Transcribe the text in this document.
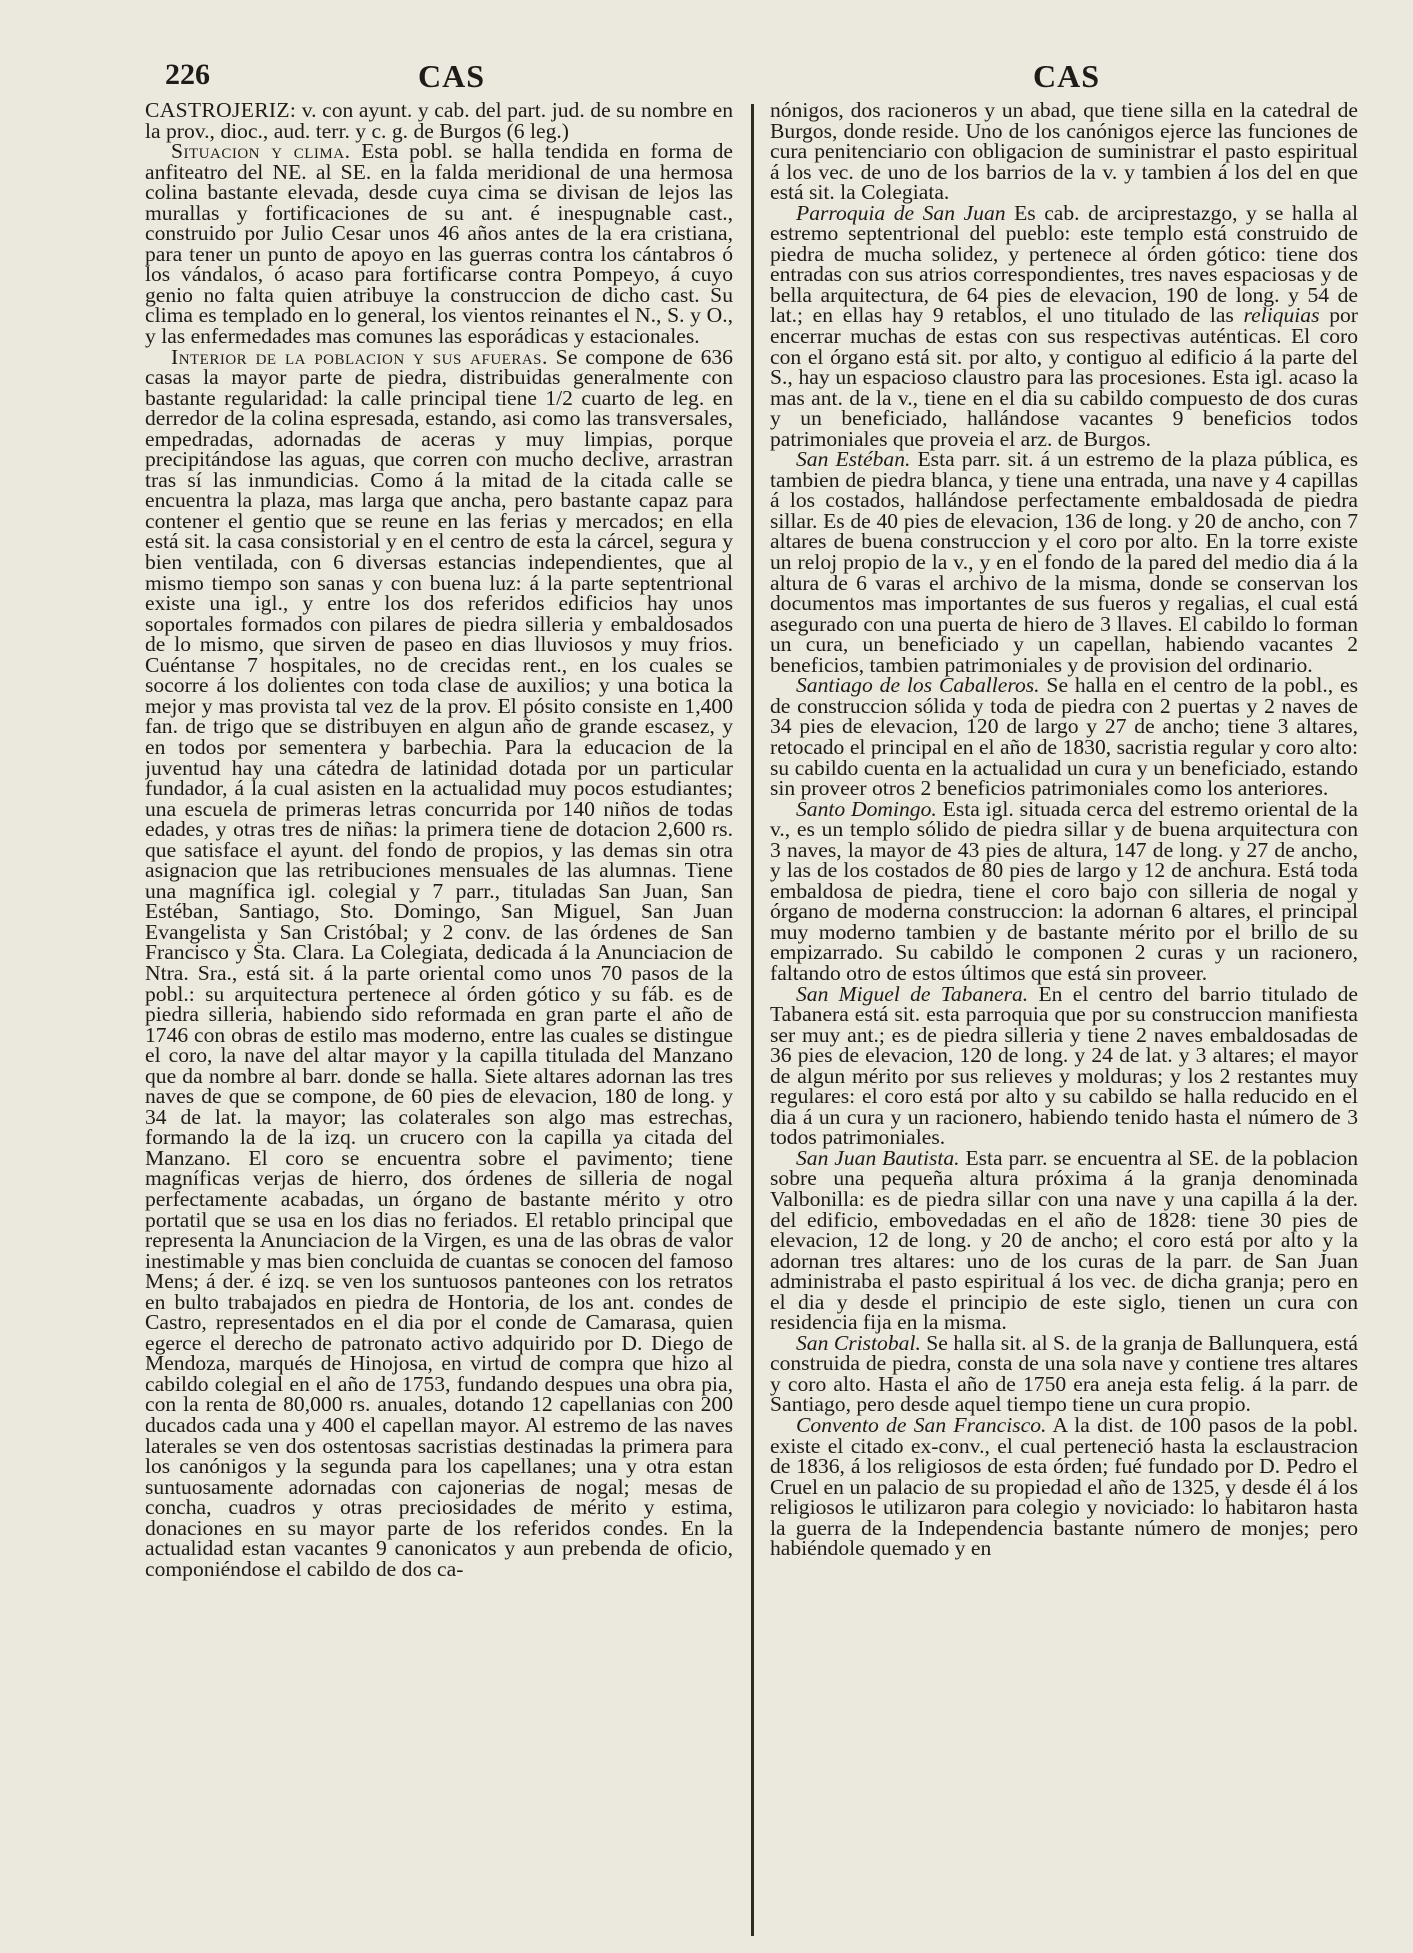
226	CAS	CAS

CASTROJERIZ: v. con ayunt. y cab. del part. jud. de su nombre en la prov., dioc., aud. terr. y c. g. de Burgos (6 leg.)

Situacion y clima. Esta pobl. se halla tendida en forma de anfiteatro del NE. al SE. en la falda meridional de una hermosa colina bastante elevada, desde cuya cima se divisan de lejos las murallas y fortificaciones de su ant. é inespugnable cast., construido por Julio Cesar unos 46 años antes de la era cristiana, para tener un punto de apoyo en las guerras contra los cántabros ó los vándalos, ó acaso para fortificarse contra Pompeyo, á cuyo genio no falta quien atribuye la construccion de dicho cast. Su clima es templado en lo general, los vientos reinantes el N., S. y O., y las enfermedades mas comunes las esporádicas y estacionales.

Interior de la poblacion y sus afueras. Se compone de 636 casas la mayor parte de piedra, distribuidas generalmente con bastante regularidad: la calle principal tiene 1/2 cuarto de leg. en derredor de la colina espresada, estando, asi como las transversales, empedradas, adornadas de aceras y muy limpias, porque precipitándose las aguas, que corren con mucho declive, arrastran tras sí las inmundicias. Como á la mitad de la citada calle se encuentra la plaza, mas larga que ancha, pero bastante capaz para contener el gentio que se reune en las ferias y mercados; en ella está sit. la casa consistorial y en el centro de esta la cárcel, segura y bien ventilada, con 6 diversas estancias independientes, que al mismo tiempo son sanas y con buena luz: á la parte septentrional existe una igl., y entre los dos referidos edificios hay unos soportales formados con pilares de piedra silleria y embaldosados de lo mismo, que sirven de paseo en dias lluviosos y muy frios. Cuéntanse 7 hospitales, no de crecidas rent., en los cuales se socorre á los dolientes con toda clase de auxilios; y una botica la mejor y mas provista tal vez de la prov. El pósito consiste en 1,400 fan. de trigo que se distribuyen en algun año de grande escasez, y en todos por sementera y barbechia. Para la educacion de la juventud hay una cátedra de latinidad dotada por un particular fundador, á la cual asisten en la actualidad muy pocos estudiantes; una escuela de primeras letras concurrida por 140 niños de todas edades, y otras tres de niñas: la primera tiene de dotacion 2,600 rs. que satisface el ayunt. del fondo de propios, y las demas sin otra asignacion que las retribuciones mensuales de las alumnas. Tiene una magnífica igl. colegial y 7 parr., tituladas San Juan, San Estéban, Santiago, Sto. Domingo, San Miguel, San Juan Evangelista y San Cristóbal; y 2 conv. de las órdenes de San Francisco y Sta. Clara. La Colegiata, dedicada á la Anunciacion de Ntra. Sra., está sit. á la parte oriental como unos 70 pasos de la pobl.: su arquitectura pertenece al órden gótico y su fáb. es de piedra silleria, habiendo sido reformada en gran parte el año de 1746 con obras de estilo mas moderno, entre las cuales se distingue el coro, la nave del altar mayor y la capilla titulada del Manzano que da nombre al barr. donde se halla. Siete altares adornan las tres naves de que se compone, de 60 pies de elevacion, 180 de long. y 34 de lat. la mayor; las colaterales son algo mas estrechas, formando la de la izq. un crucero con la capilla ya citada del Manzano. El coro se encuentra sobre el pavimento; tiene magníficas verjas de hierro, dos órdenes de silleria de nogal perfectamente acabadas, un órgano de bastante mérito y otro portatil que se usa en los dias no feriados. El retablo principal que representa la Anunciacion de la Virgen, es una de las obras de valor inestimable y mas bien concluida de cuantas se conocen del famoso Mens; á der. é izq. se ven los suntuosos panteones con los retratos en bulto trabajados en piedra de Hontoria, de los ant. condes de Castro, representados en el dia por el conde de Camarasa, quien egerce el derecho de patronato activo adquirido por D. Diego de Mendoza, marqués de Hinojosa, en virtud de compra que hizo al cabildo colegial en el año de 1753, fundando despues una obra pia, con la renta de 80,000 rs. anuales, dotando 12 capellanias con 200 ducados cada una y 400 el capellan mayor. Al estremo de las naves laterales se ven dos ostentosas sacristias destinadas la primera para los canónigos y la segunda para los capellanes; una y otra estan suntuosamente adornadas con cajonerias de nogal; mesas de concha, cuadros y otras preciosidades de mérito y estima, donaciones en su mayor parte de los referidos condes. En la actualidad estan vacantes 9 canonicatos y aun prebenda de oficio, componiéndose el cabildo de dos ca-

nónigos, dos racioneros y un abad, que tiene silla en la catedral de Burgos, donde reside. Uno de los canónigos ejerce las funciones de cura penitenciario con obligacion de suministrar el pasto espiritual á los vec. de uno de los barrios de la v. y tambien á los del en que está sit. la Colegiata.

Parroquia de San Juan Es cab. de arciprestazgo, y se halla al estremo septentrional del pueblo: este templo está construido de piedra de mucha solidez, y pertenece al órden gótico: tiene dos entradas con sus atrios correspondientes, tres naves espaciosas y de bella arquitectura, de 64 pies de elevacion, 190 de long. y 54 de lat.; en ellas hay 9 retablos, el uno titulado de las reliquias por encerrar muchas de estas con sus respectivas auténticas. El coro con el órgano está sit. por alto, y contiguo al edificio á la parte del S., hay un espacioso claustro para las procesiones. Esta igl. acaso la mas ant. de la v., tiene en el dia su cabildo compuesto de dos curas y un beneficiado, hallándose vacantes 9 beneficios todos patrimoniales que proveia el arz. de Burgos.

San Estéban. Esta parr. sit. á un estremo de la plaza pública, es tambien de piedra blanca, y tiene una entrada, una nave y 4 capillas á los costados, hallándose perfectamente embaldosada de piedra sillar. Es de 40 pies de elevacion, 136 de long. y 20 de ancho, con 7 altares de buena construccion y el coro por alto. En la torre existe un reloj propio de la v., y en el fondo de la pared del medio dia á la altura de 6 varas el archivo de la misma, donde se conservan los documentos mas importantes de sus fueros y regalias, el cual está asegurado con una puerta de hiero de 3 llaves. El cabildo lo forman un cura, un beneficiado y un capellan, habiendo vacantes 2 beneficios, tambien patrimoniales y de provision del ordinario.

Santiago de los Caballeros. Se halla en el centro de la pobl., es de construccion sólida y toda de piedra con 2 puertas y 2 naves de 34 pies de elevacion, 120 de largo y 27 de ancho; tiene 3 altares, retocado el principal en el año de 1830, sacristia regular y coro alto: su cabildo cuenta en la actualidad un cura y un beneficiado, estando sin proveer otros 2 beneficios patrimoniales como los anteriores.

Santo Domingo. Esta igl. situada cerca del estremo oriental de la v., es un templo sólido de piedra sillar y de buena arquitectura con 3 naves, la mayor de 43 pies de altura, 147 de long. y 27 de ancho, y las de los costados de 80 pies de largo y 12 de anchura. Está toda embaldosa de piedra, tiene el coro bajo con silleria de nogal y órgano de moderna construccion: la adornan 6 altares, el principal muy moderno tambien y de bastante mérito por el brillo de su empizarrado. Su cabildo le componen 2 curas y un racionero, faltando otro de estos últimos que está sin proveer.

San Miguel de Tabanera. En el centro del barrio titulado de Tabanera está sit. esta parroquia que por su construccion manifiesta ser muy ant.; es de piedra silleria y tiene 2 naves embaldosadas de 36 pies de elevacion, 120 de long. y 24 de lat. y 3 altares; el mayor de algun mérito por sus relieves y molduras; y los 2 restantes muy regulares: el coro está por alto y su cabildo se halla reducido en el dia á un cura y un racionero, habiendo tenido hasta el número de 3 todos patrimoniales.

San Juan Bautista. Esta parr. se encuentra al SE. de la poblacion sobre una pequeña altura próxima á la granja denominada Valbonilla: es de piedra sillar con una nave y una capilla á la der. del edificio, embovedadas en el año de 1828: tiene 30 pies de elevacion, 12 de long. y 20 de ancho; el coro está por alto y la adornan tres altares: uno de los curas de la parr. de San Juan administraba el pasto espiritual á los vec. de dicha granja; pero en el dia y desde el principio de este siglo, tienen un cura con residencia fija en la misma.

San Cristobal. Se halla sit. al S. de la granja de Ballunquera, está construida de piedra, consta de una sola nave y contiene tres altares y coro alto. Hasta el año de 1750 era aneja esta felig. á la parr. de Santiago, pero desde aquel tiempo tiene un cura propio.

Convento de San Francisco. A la dist. de 100 pasos de la pobl. existe el citado ex-conv., el cual perteneció hasta la esclaustracion de 1836, á los religiosos de esta órden; fué fundado por D. Pedro el Cruel en un palacio de su propiedad el año de 1325, y desde él á los religiosos le utilizaron para colegio y noviciado: lo habitaron hasta la guerra de la Independencia bastante número de monjes; pero habiéndole quemado y en
